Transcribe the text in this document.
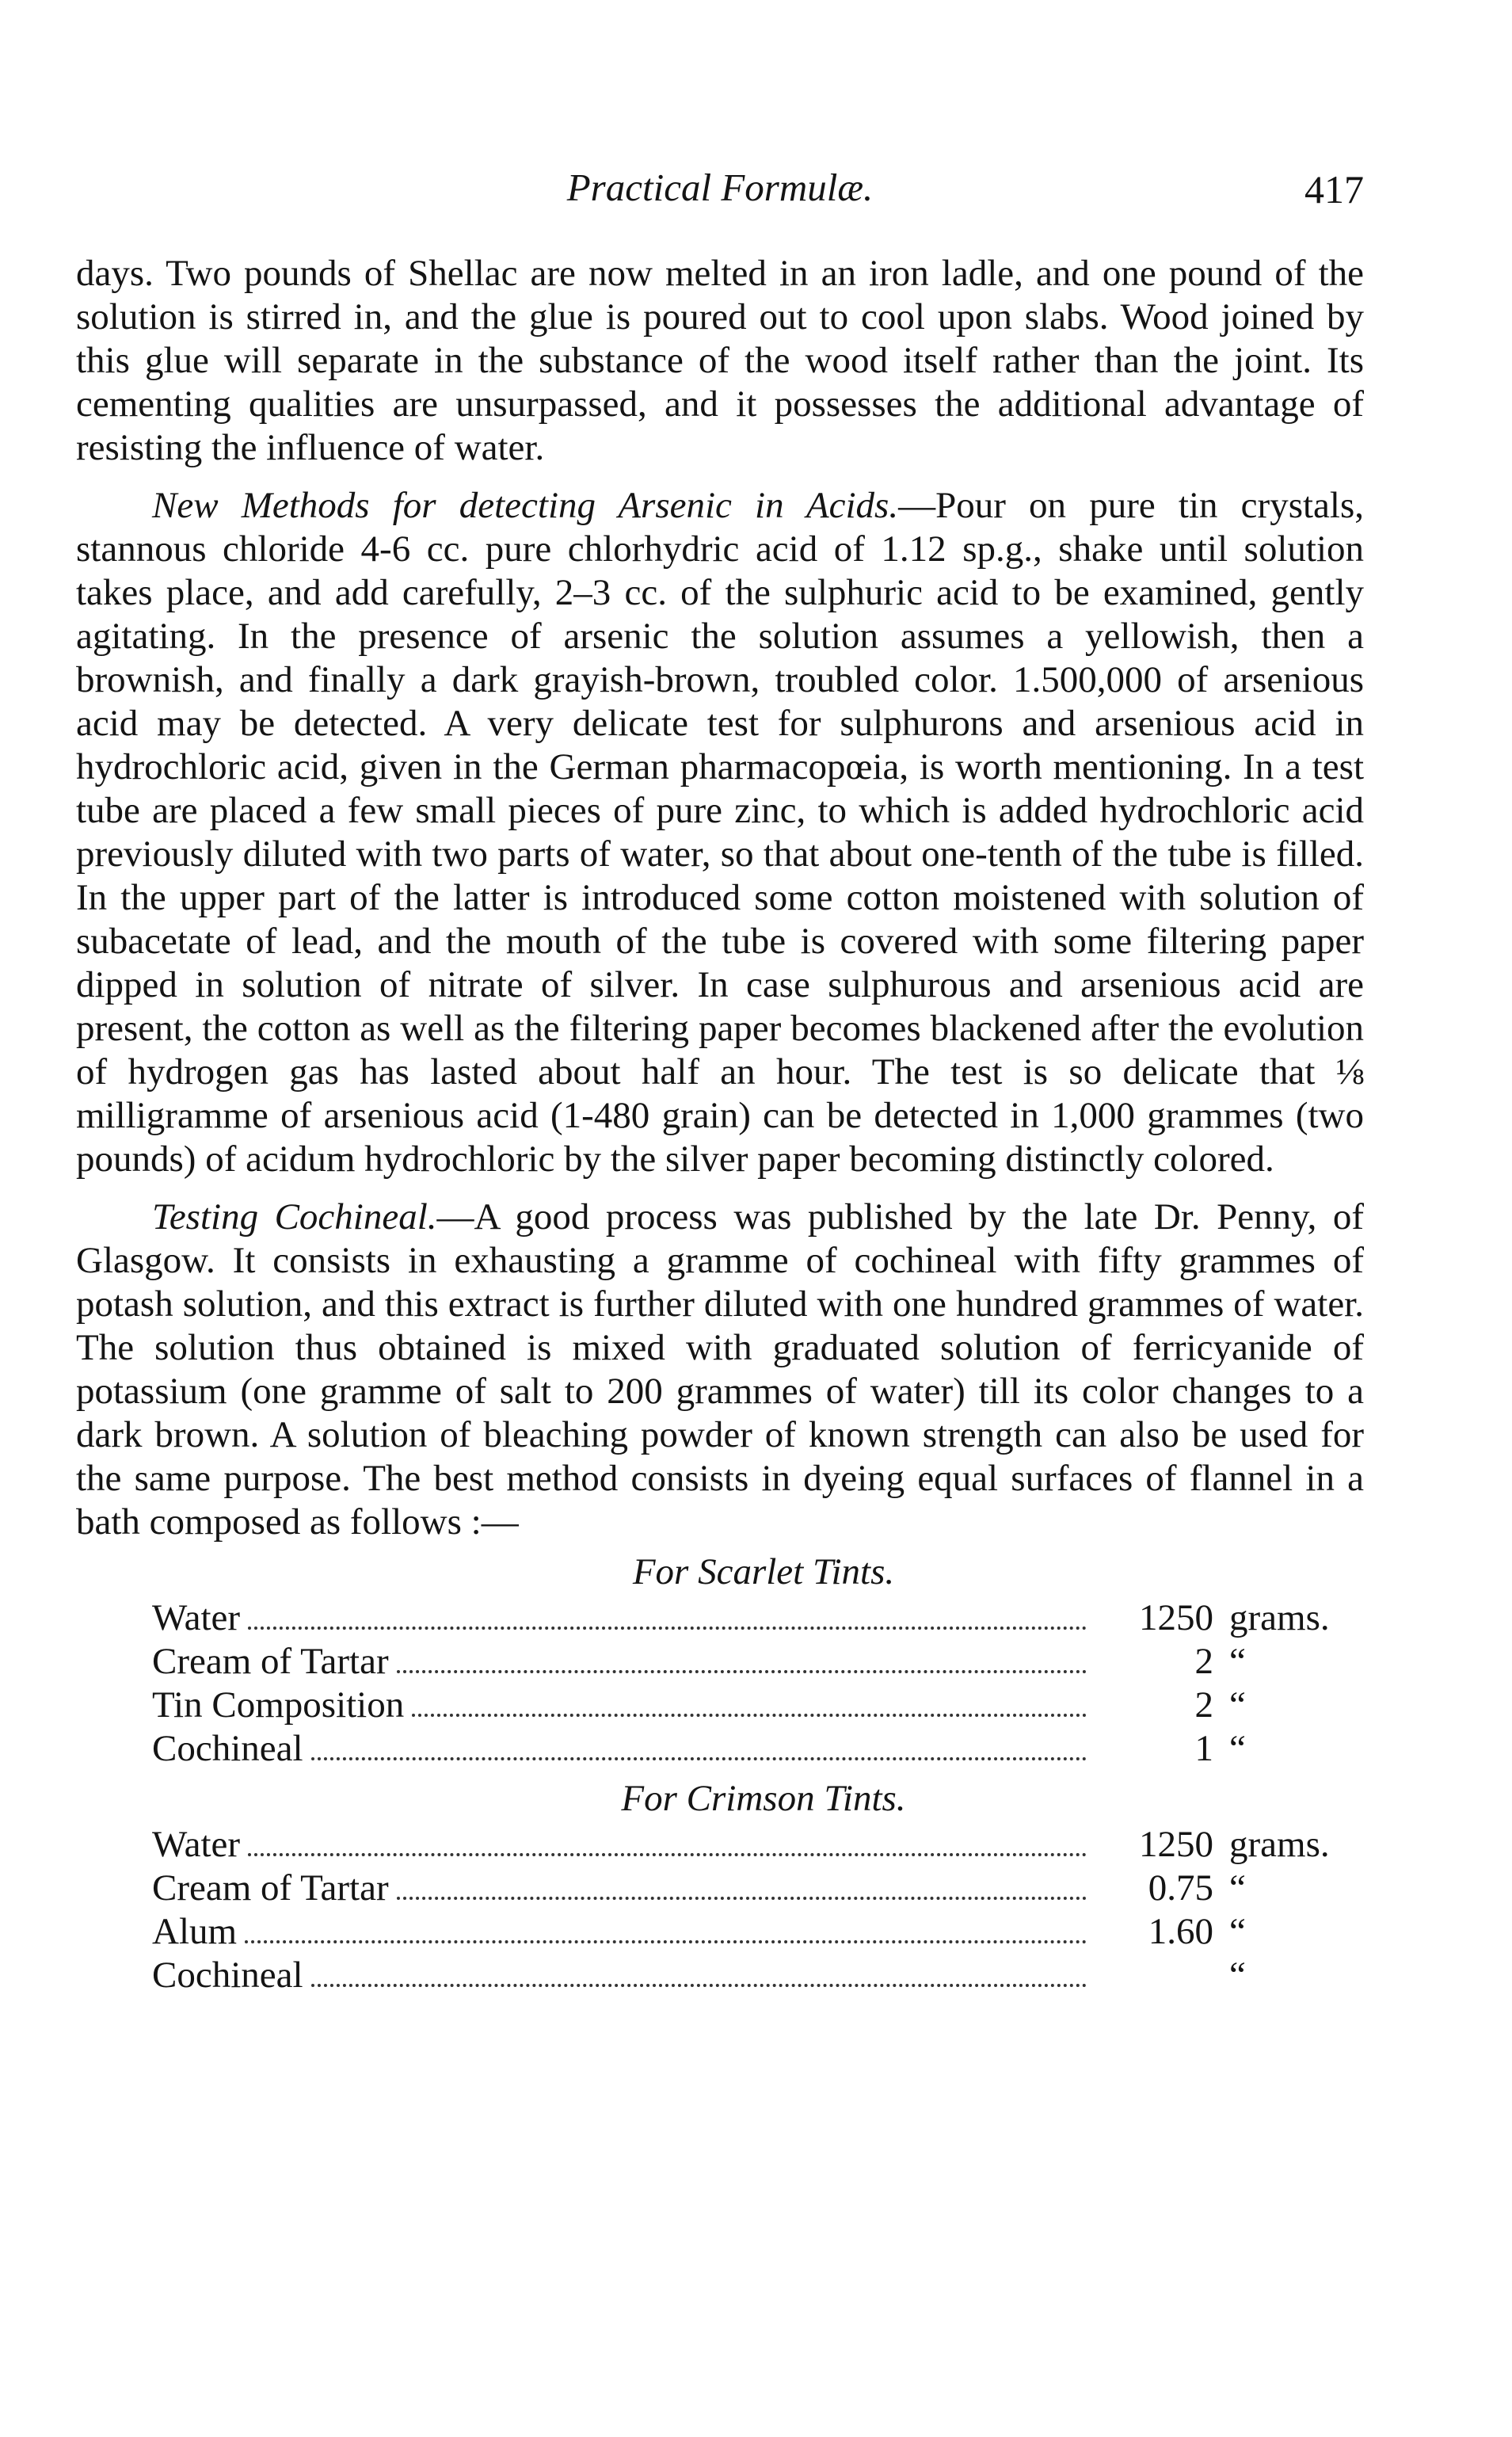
Practical Formulæ.	417

days. Two pounds of Shellac are now melted in an iron ladle, and one pound of the solution is stirred in, and the glue is poured out to cool upon slabs. Wood joined by this glue will separate in the substance of the wood itself rather than the joint. Its cementing qualities are unsurpassed, and it possesses the additional advantage of resisting the influence of water.

New Methods for detecting Arsenic in Acids.—Pour on pure tin crystals, stannous chloride 4-6 cc. pure chlorhydric acid of 1.12 sp.g., shake until solution takes place, and add carefully, 2–3 cc. of the sulphuric acid to be examined, gently agitating. In the presence of arsenic the solution assumes a yellowish, then a brownish, and finally a dark grayish-brown, troubled color. 1.500,000 of arsenious acid may be detected. A very delicate test for sulphurons and arsenious acid in hydrochloric acid, given in the German pharmacopœia, is worth mentioning. In a test tube are placed a few small pieces of pure zinc, to which is added hydrochloric acid previously diluted with two parts of water, so that about one-tenth of the tube is filled. In the upper part of the latter is introduced some cotton moistened with solution of subacetate of lead, and the mouth of the tube is covered with some filtering paper dipped in solution of nitrate of silver. In case sulphurous and arsenious acid are present, the cotton as well as the filtering paper becomes blackened after the evolution of hydrogen gas has lasted about half an hour. The test is so delicate that ⅛ milligramme of arsenious acid (1-480 grain) can be detected in 1,000 grammes (two pounds) of acidum hydrochloric by the silver paper becoming distinctly colored.

Testing Cochineal.—A good process was published by the late Dr. Penny, of Glasgow. It consists in exhausting a gramme of cochineal with fifty grammes of potash solution, and this extract is further diluted with one hundred grammes of water. The solution thus obtained is mixed with graduated solution of ferricyanide of potassium (one gramme of salt to 200 grammes of water) till its color changes to a dark brown. A solution of bleaching powder of known strength can also be used for the same purpose. The best method consists in dyeing equal surfaces of flannel in a bath composed as follows :—

For Scarlet Tints.
Water	1250 grams.
Cream of Tartar	2 “
Tin Composition	2 “
Cochineal	1 “
For Crimson Tints.
Water	1250 grams.
Cream of Tartar	0.75 “
Alum	1.60 “
Cochineal	“
